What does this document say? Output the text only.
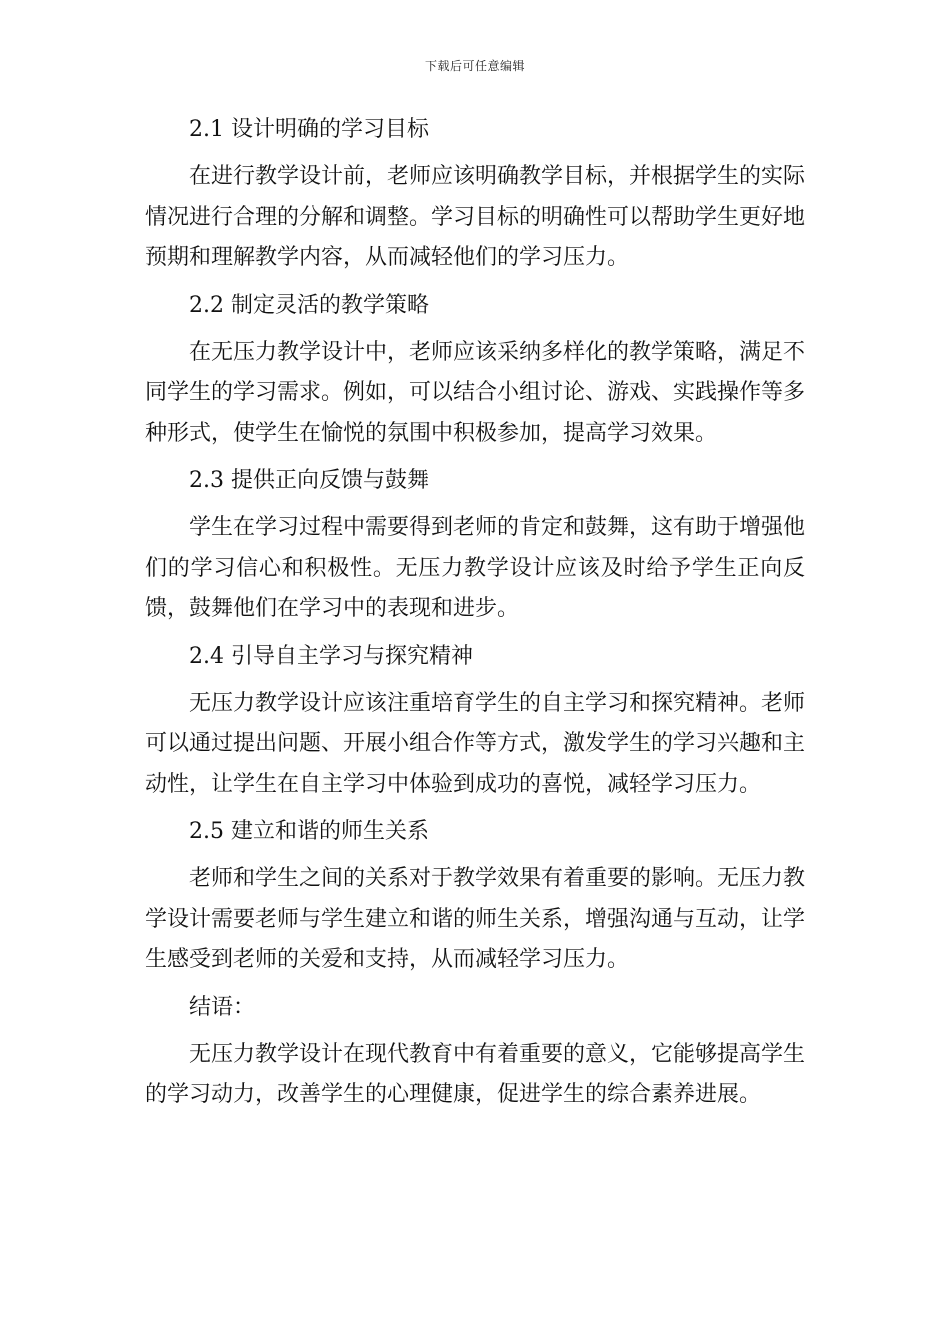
下载后可任意编辑
2.1 设计明确的学习目标

在进行教学设计前，老师应该明确教学目标，并根据学生的实际情况进行合理的分解和调整。学习目标的明确性可以帮助学生更好地预期和理解教学内容，从而减轻他们的学习压力。

2.2 制定灵活的教学策略

在无压力教学设计中，老师应该采纳多样化的教学策略，满足不同学生的学习需求。例如，可以结合小组讨论、游戏、实践操作等多种形式，使学生在愉悦的氛围中积极参加，提高学习效果。

2.3 提供正向反馈与鼓舞

学生在学习过程中需要得到老师的肯定和鼓舞，这有助于增强他们的学习信心和积极性。无压力教学设计应该及时给予学生正向反馈，鼓舞他们在学习中的表现和进步。

2.4 引导自主学习与探究精神

无压力教学设计应该注重培育学生的自主学习和探究精神。老师可以通过提出问题、开展小组合作等方式，激发学生的学习兴趣和主动性，让学生在自主学习中体验到成功的喜悦，减轻学习压力。

2.5 建立和谐的师生关系

老师和学生之间的关系对于教学效果有着重要的影响。无压力教学设计需要老师与学生建立和谐的师生关系，增强沟通与互动，让学生感受到老师的关爱和支持，从而减轻学习压力。

结语：

无压力教学设计在现代教育中有着重要的意义，它能够提高学生的学习动力，改善学生的心理健康，促进学生的综合素养进展。
